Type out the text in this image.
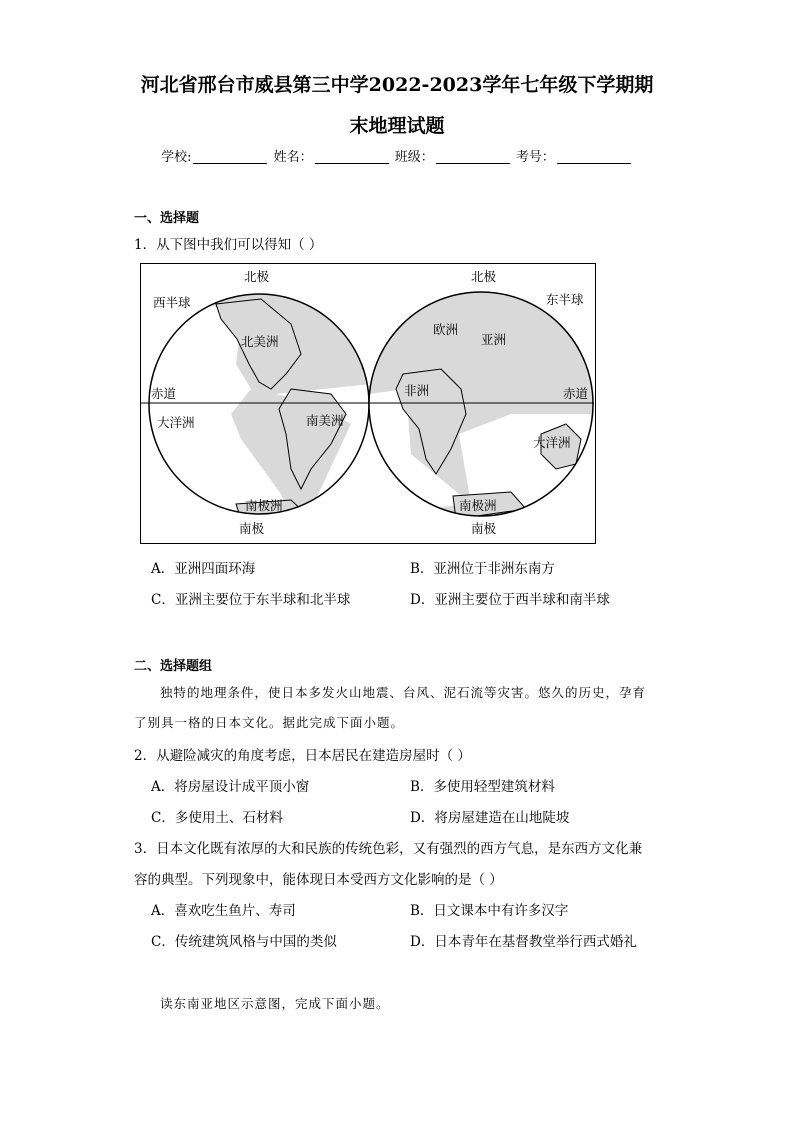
河北省邢台市威县第三中学2022-2023学年七年级下学期期
末地理试题
学校:	姓名：	班级：	考号：
一、选择题
1．从下图中我们可以得知（ ）
北极	北极
西半球	东半球
北美洲
欧洲
亚洲
非洲
赤道	赤道
大洋洲	南美洲
大洋洲
南极洲	南极洲
南极	南极
A．亚洲四面环海	B．亚洲位于非洲东南方
C．亚洲主要位于东半球和北半球	D．亚洲主要位于西半球和南半球
二、选择题组
独特的地理条件，使日本多发火山地震、台风、泥石流等灾害。悠久的历史，孕育
了别具一格的日本文化。据此完成下面小题。
2．从避险减灾的角度考虑，日本居民在建造房屋时（ ）
A．将房屋设计成平顶小窗	B．多使用轻型建筑材料
C．多使用土、石材料	D．将房屋建造在山地陡坡
3．日本文化既有浓厚的大和民族的传统色彩，又有强烈的西方气息，是东西方文化兼
容的典型。下列现象中，能体现日本受西方文化影响的是（ ）
A．喜欢吃生鱼片、寿司	B．日文课本中有许多汉字
C．传统建筑风格与中国的类似	D．日本青年在基督教堂举行西式婚礼
读东南亚地区示意图，完成下面小题。
